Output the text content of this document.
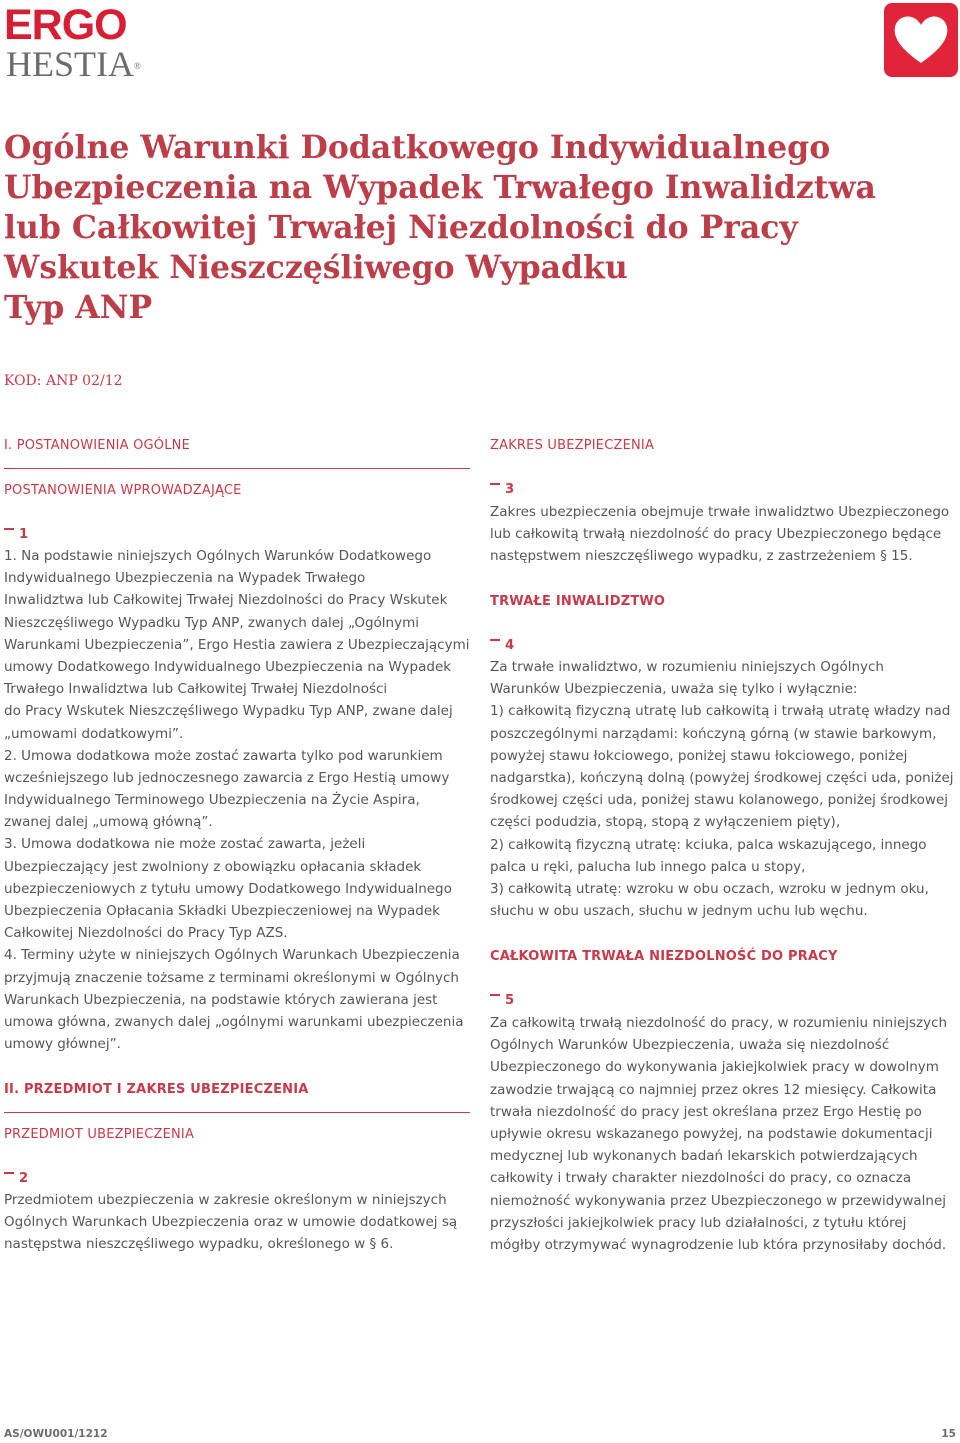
ERGO
HESTIA®
Ogólne Warunki Dodatkowego Indywidualnego
Ubezpieczenia na Wypadek Trwałego Inwalidztwa
lub Całkowitej Trwałej Niezdolności do Pracy
Wskutek Nieszczęśliwego Wypadku
Typ ANP
KOD: ANP 02/12
I. POSTANOWIENIA OGÓLNE
POSTANOWIENIA WPROWADZAJĄCE
1
1. Na podstawie niniejszych Ogólnych Warunków Dodatkowego
Indywidualnego Ubezpieczenia na Wypadek Trwałego
Inwalidztwa lub Całkowitej Trwałej Niezdolności do Pracy Wskutek
Nieszczęśliwego Wypadku Typ ANP, zwanych dalej „Ogólnymi
Warunkami Ubezpieczenia”, Ergo Hestia zawiera z Ubezpieczającymi
umowy Dodatkowego Indywidualnego Ubezpieczenia na Wypadek
Trwałego Inwalidztwa lub Całkowitej Trwałej Niezdolności
do Pracy Wskutek Nieszczęśliwego Wypadku Typ ANP, zwane dalej
„umowami dodatkowymi”.
2. Umowa dodatkowa może zostać zawarta tylko pod warunkiem
wcześniejszego lub jednoczesnego zawarcia z Ergo Hestią umowy
Indywidualnego Terminowego Ubezpieczenia na Życie Aspira,
zwanej dalej „umową główną”.
3. Umowa dodatkowa nie może zostać zawarta, jeżeli
Ubezpieczający jest zwolniony z obowiązku opłacania składek
ubezpieczeniowych z tytułu umowy Dodatkowego Indywidualnego
Ubezpieczenia Opłacania Składki Ubezpieczeniowej na Wypadek
Całkowitej Niezdolności do Pracy Typ AZS.
4. Terminy użyte w niniejszych Ogólnych Warunkach Ubezpieczenia
przyjmują znaczenie tożsame z terminami określonymi w Ogólnych
Warunkach Ubezpieczenia, na podstawie których zawierana jest
umowa główna, zwanych dalej „ogólnymi warunkami ubezpieczenia
umowy głównej”.
II. PRZEDMIOT I ZAKRES UBEZPIECZENIA
PRZEDMIOT UBEZPIECZENIA
2
Przedmiotem ubezpieczenia w zakresie określonym w niniejszych
Ogólnych Warunkach Ubezpieczenia oraz w umowie dodatkowej są
następstwa nieszczęśliwego wypadku, określonego w § 6.
ZAKRES UBEZPIECZENIA
3
Zakres ubezpieczenia obejmuje trwałe inwalidztwo Ubezpieczonego
lub całkowitą trwałą niezdolność do pracy Ubezpieczonego będące
następstwem nieszczęśliwego wypadku, z zastrzeżeniem § 15.
TRWAŁE INWALIDZTWO
4
Za trwałe inwalidztwo, w rozumieniu niniejszych Ogólnych
Warunków Ubezpieczenia, uważa się tylko i wyłącznie:
1) całkowitą fizyczną utratę lub całkowitą i trwałą utratę władzy nad
poszczególnymi narządami: kończyną górną (w stawie barkowym,
powyżej stawu łokciowego, poniżej stawu łokciowego, poniżej
nadgarstka), kończyną dolną (powyżej środkowej części uda, poniżej
środkowej części uda, poniżej stawu kolanowego, poniżej środkowej
części podudzia, stopą, stopą z wyłączeniem pięty),
2) całkowitą fizyczną utratę: kciuka, palca wskazującego, innego
palca u ręki, palucha lub innego palca u stopy,
3) całkowitą utratę: wzroku w obu oczach, wzroku w jednym oku,
słuchu w obu uszach, słuchu w jednym uchu lub węchu.
CAŁKOWITA TRWAŁA NIEZDOLNOŚĆ DO PRACY
5
Za całkowitą trwałą niezdolność do pracy, w rozumieniu niniejszych
Ogólnych Warunków Ubezpieczenia, uważa się niezdolność
Ubezpieczonego do wykonywania jakiejkolwiek pracy w dowolnym
zawodzie trwającą co najmniej przez okres 12 miesięcy. Całkowita
trwała niezdolność do pracy jest określana przez Ergo Hestię po
upływie okresu wskazanego powyżej, na podstawie dokumentacji
medycznej lub wykonanych badań lekarskich potwierdzających
całkowity i trwały charakter niezdolności do pracy, co oznacza
niemożność wykonywania przez Ubezpieczonego w przewidywalnej
przyszłości jakiejkolwiek pracy lub działalności, z tytułu której
mógłby otrzymywać wynagrodzenie lub która przynosiłaby dochód.
AS/OWU001/1212	15
